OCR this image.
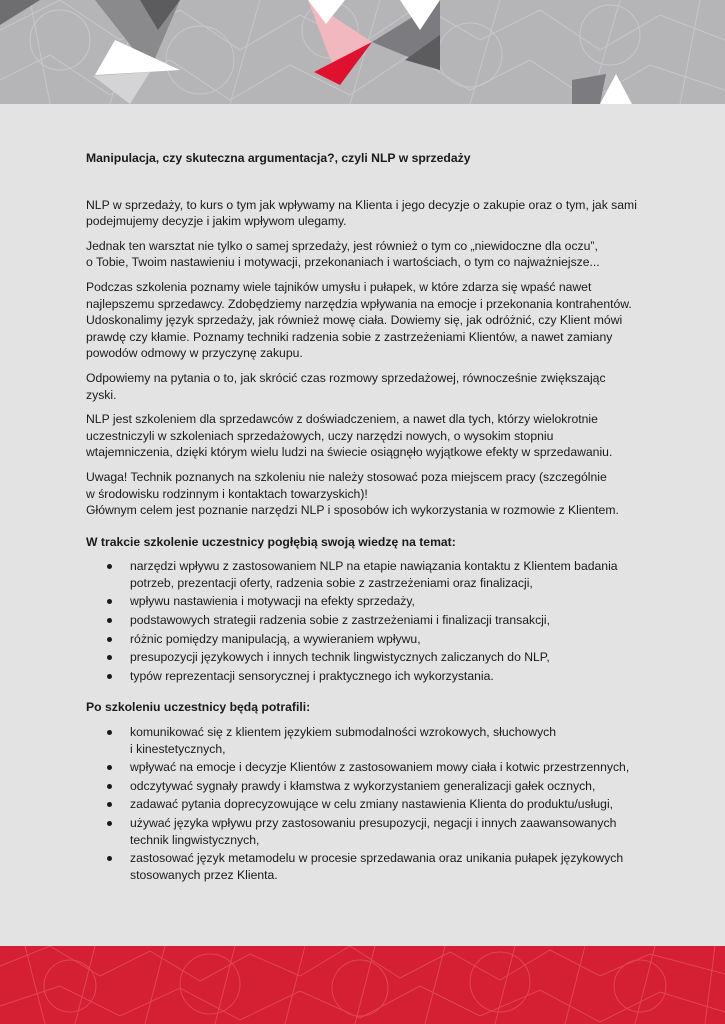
Manipulacja, czy skuteczna argumentacja?, czyli NLP w sprzedaży
NLP w sprzedaży, to kurs o tym jak wpływamy na Klienta i jego decyzje o zakupie oraz o tym, jak sami
podejmujemy decyzje i jakim wpływom ulegamy.
Jednak ten warsztat nie tylko o samej sprzedaży, jest również o tym co „niewidoczne dla oczu”,
o Tobie, Twoim nastawieniu i motywacji, przekonaniach i wartościach, o tym co najważniejsze...
Podczas szkolenia poznamy wiele tajników umysłu i pułapek, w które zdarza się wpaść nawet
najlepszemu sprzedawcy. Zdobędziemy narzędzia wpływania na emocje i przekonania kontrahentów.
Udoskonalimy język sprzedaży, jak również mowę ciała. Dowiemy się, jak odróżnić, czy Klient mówi
prawdę czy kłamie. Poznamy techniki radzenia sobie z zastrzeżeniami Klientów, a nawet zamiany
powodów odmowy w przyczynę zakupu.
Odpowiemy na pytania o to, jak skrócić czas rozmowy sprzedażowej, równocześnie zwiększając
zyski.
NLP jest szkoleniem dla sprzedawców z doświadczeniem, a nawet dla tych, którzy wielokrotnie
uczestniczyli w szkoleniach sprzedażowych, uczy narzędzi nowych, o wysokim stopniu
wtajemniczenia, dzięki którym wielu ludzi na świecie osiągnęło wyjątkowe efekty w sprzedawaniu.
Uwaga! Technik poznanych na szkoleniu nie należy stosować poza miejscem pracy (szczególnie
w środowisku rodzinnym i kontaktach towarzyskich)!
Głównym celem jest poznanie narzędzi NLP i sposobów ich wykorzystania w rozmowie z Klientem.
W trakcie szkolenie uczestnicy pogłębią swoją wiedzę na temat:
narzędzi wpływu z zastosowaniem NLP na etapie nawiązania kontaktu z Klientem badania
potrzeb, prezentacji oferty, radzenia sobie z zastrzeżeniami oraz finalizacji,
wpływu nastawienia i motywacji na efekty sprzedaży,
podstawowych strategii radzenia sobie z zastrzeżeniami i finalizacji transakcji,
różnic pomiędzy manipulacją, a wywieraniem wpływu,
presupozycji językowych i innych technik lingwistycznych zaliczanych do NLP,
typów reprezentacji sensorycznej i praktycznego ich wykorzystania.
Po szkoleniu uczestnicy będą potrafili:
komunikować się z klientem językiem submodalności wzrokowych, słuchowych
i kinestetycznych,
wpływać na emocje i decyzje Klientów z zastosowaniem mowy ciała i kotwic przestrzennych,
odczytywać sygnały prawdy i kłamstwa z wykorzystaniem generalizacji gałek ocznych,
zadawać pytania doprecyzowujące w celu zmiany nastawienia Klienta do produktu/usługi,
używać języka wpływu przy zastosowaniu presupozycji, negacji i innych zaawansowanych
technik lingwistycznych,
zastosować język metamodelu w procesie sprzedawania oraz unikania pułapek językowych
stosowanych przez Klienta.
